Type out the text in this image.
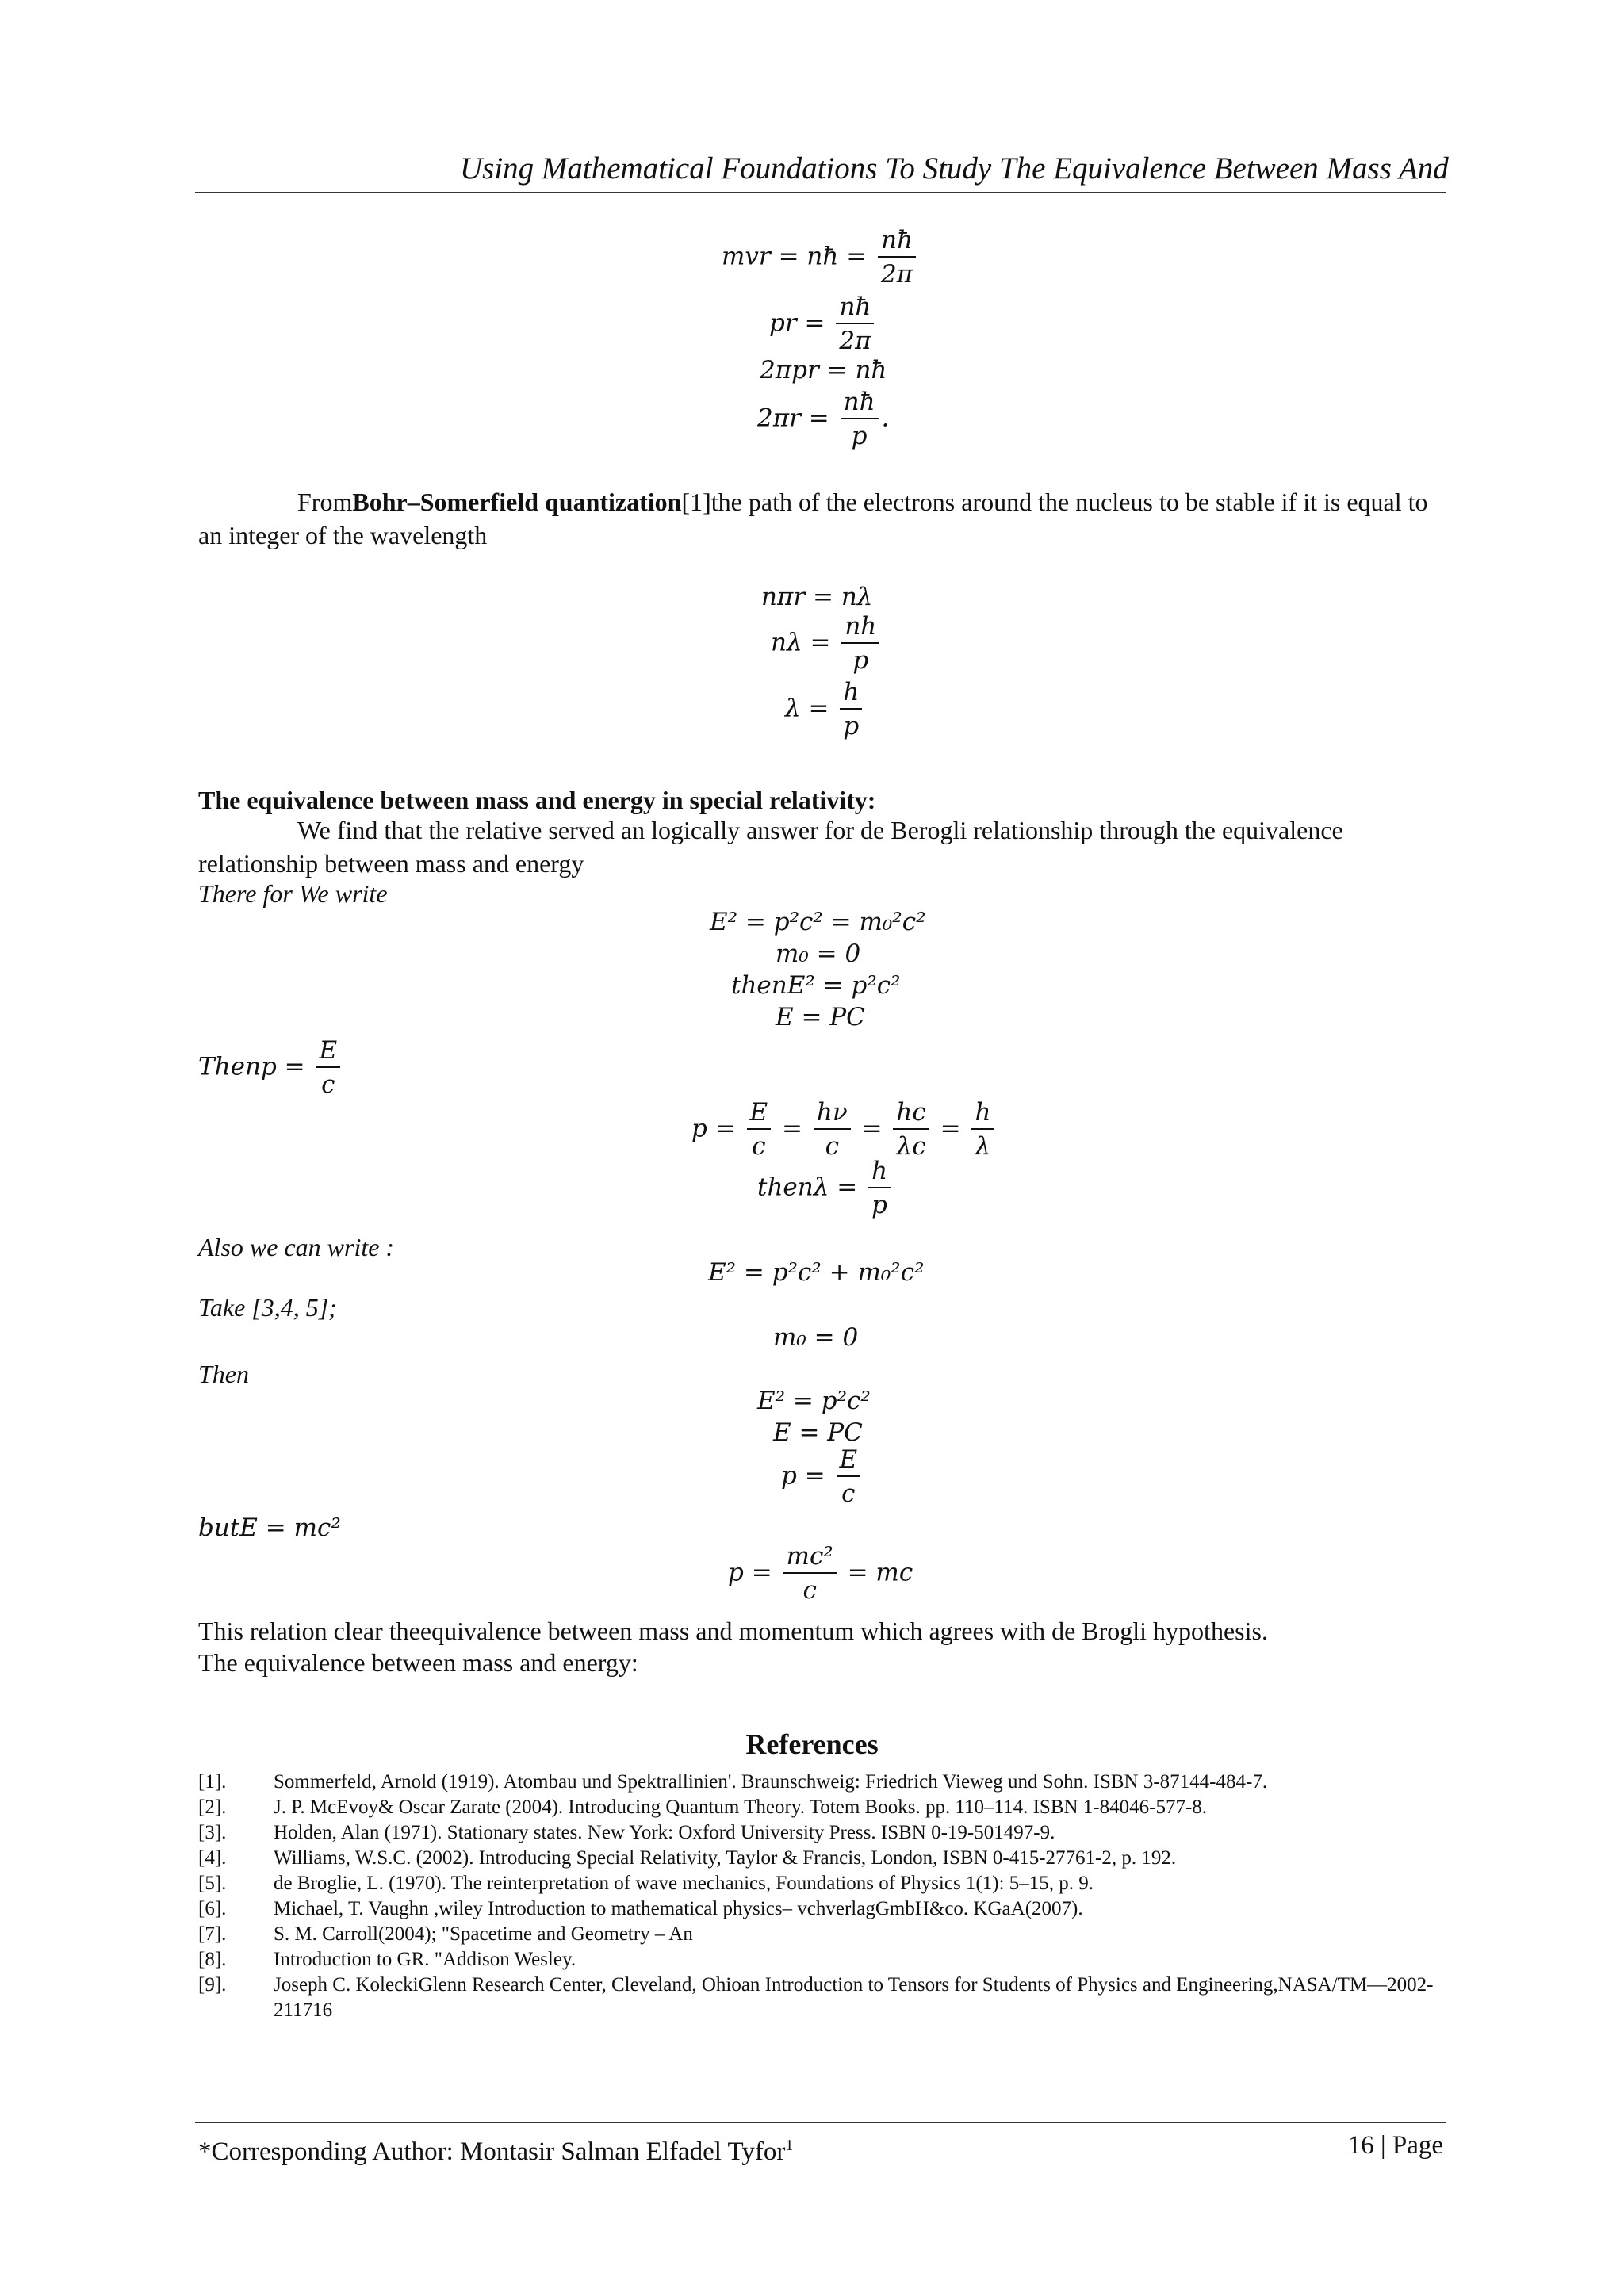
Using Mathematical Foundations To Study The Equivalence Between Mass And
mvr = nħ = $\frac{nħ}{2\pi}$
pr = $\frac{nħ}{2\pi}$
2πpr = nħ
$2\pi r = \frac{nħ}{p}$ .
FromBohr–Somerfield quantization[1]the path of the electrons around the nucleus to be stable if it is equal to an integer of the wavelength
nπr = nλ
$n\lambda = \frac{nh}{p}$
$\lambda = \frac{h}{p}$
The equivalence between mass and energy in special relativity:
We find that the relative served an logically answer for de Berogli relationship through the equivalence relationship between mass and energy
There for We write
E² = p²c² = m₀²c²
m₀ = 0
thenE² = p²c²
E = PC
Thenp = $\frac{E}{c}$
$p = \frac{E}{c} = \frac{h\nu}{c} = \frac{hc}{\lambda c} = \frac{h}{\lambda}$
thenλ = $\frac{h}{p}$
Also we can write :
Take [3,4, 5];
Then
butE = mc²
E² = p²c² + m₀²c²
m₀ = 0
E² = p²c²
E = PC
$p = \frac{E}{c}$
$p = \frac{\text{mc²}}{c}$ = mc
This relation clear theequivalence between mass and momentum which agrees with de Brogli hypothesis.
The equivalence between mass and energy:
References
[1]. Sommerfeld, Arnold (1919). Atombau und Spektrallinien'. Braunschweig: Friedrich Vieweg und Sohn. ISBN 3-87144-484-7.
[2]. J. P. McEvoy& Oscar Zarate (2004). Introducing Quantum Theory. Totem Books. pp. 110–114. ISBN 1-84046-577-8.
[3]. Holden, Alan (1971). Stationary states. New York: Oxford University Press. ISBN 0-19-501497-9.
[4]. Williams, W.S.C. (2002). Introducing Special Relativity, Taylor & Francis, London, ISBN 0-415-27761-2, p. 192.
[5]. de Broglie, L. (1970). The reinterpretation of wave mechanics, Foundations of Physics 1(1): 5–15, p. 9.
[6]. Michael, T. Vaughn ,wiley Introduction to mathematical physics– vchverlagGmbH&co. KGaA(2007).
[7]. S. M. Carroll(2004); "Spacetime and Geometry – An
[8]. Introduction to GR. "Addison Wesley.
[9]. Joseph C. KoleckiGlenn Research Center, Cleveland, Ohioan Introduction to Tensors for Students of Physics and Engineering,NASA/TM—2002-211716
*Corresponding Author: Montasir Salman Elfadel Tyfor$^1$	16 | Page
